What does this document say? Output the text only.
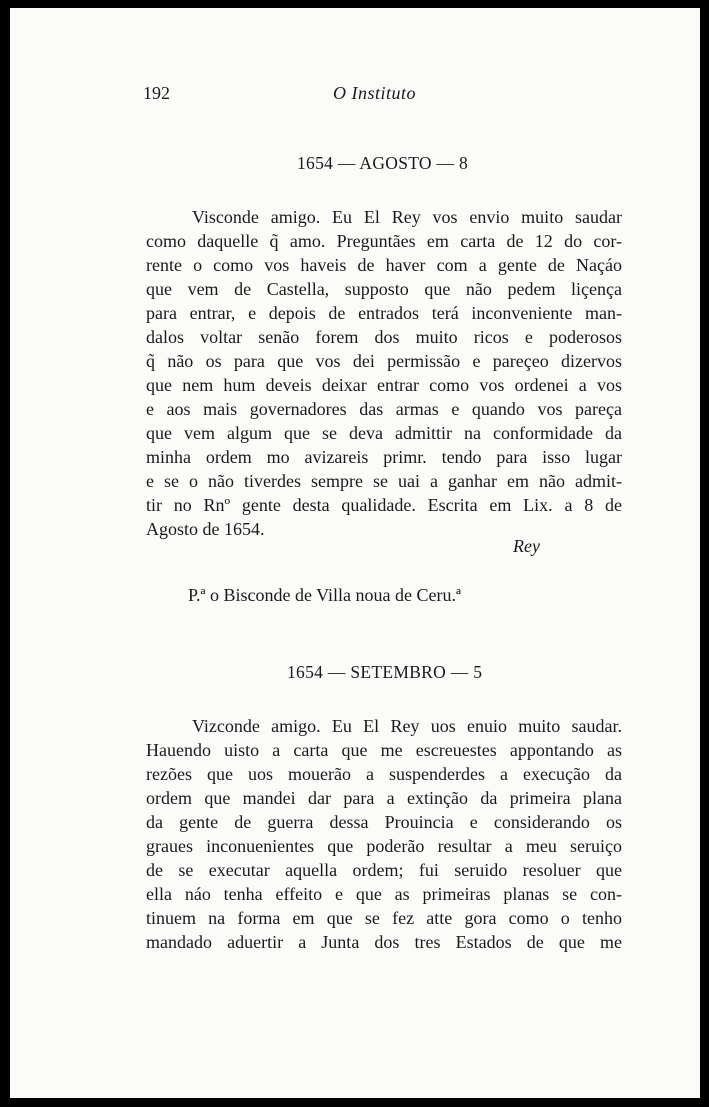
192	O Instituto
1654 — AGOSTO — 8
Visconde amigo. Eu El Rey vos envio muito saudar
como daquelle q̃ amo. Preguntães em carta de 12 do cor-
rente o como vos haveis de haver com a gente de Naçáo
que vem de Castella, supposto que não pedem liçença
para entrar, e depois de entrados terá inconveniente man-
dalos voltar senão forem dos muito ricos e poderosos
q̃ não os para que vos dei permissão e pareçeo dizervos
que nem hum deveis deixar entrar como vos ordenei a vos
e aos mais governadores das armas e quando vos pareça
que vem algum que se deva admittir na conformidade da
minha ordem mo avizareis primr. tendo para isso lugar
e se o não tiverdes sempre se uai a ganhar em não admit-
tir no Rnº gente desta qualidade. Escrita em Lix. a 8 de
Agosto de 1654.
Rey
P.ª o Bisconde de Villa noua de Ceru.ª
1654 — SETEMBRO — 5
Vizconde amigo. Eu El Rey uos enuio muito saudar.
Hauendo uisto a carta que me escreuestes appontando as
rezões que uos mouerão a suspenderdes a execução da
ordem que mandei dar para a extinção da primeira plana
da gente de guerra dessa Prouincia e considerando os
graues inconuenientes que poderão resultar a meu seruiço
de se executar aquella ordem; fui seruido resoluer que
ella náo tenha effeito e que as primeiras planas se con-
tinuem na forma em que se fez atte gora como o tenho
mandado aduertir a Junta dos tres Estados de que me
